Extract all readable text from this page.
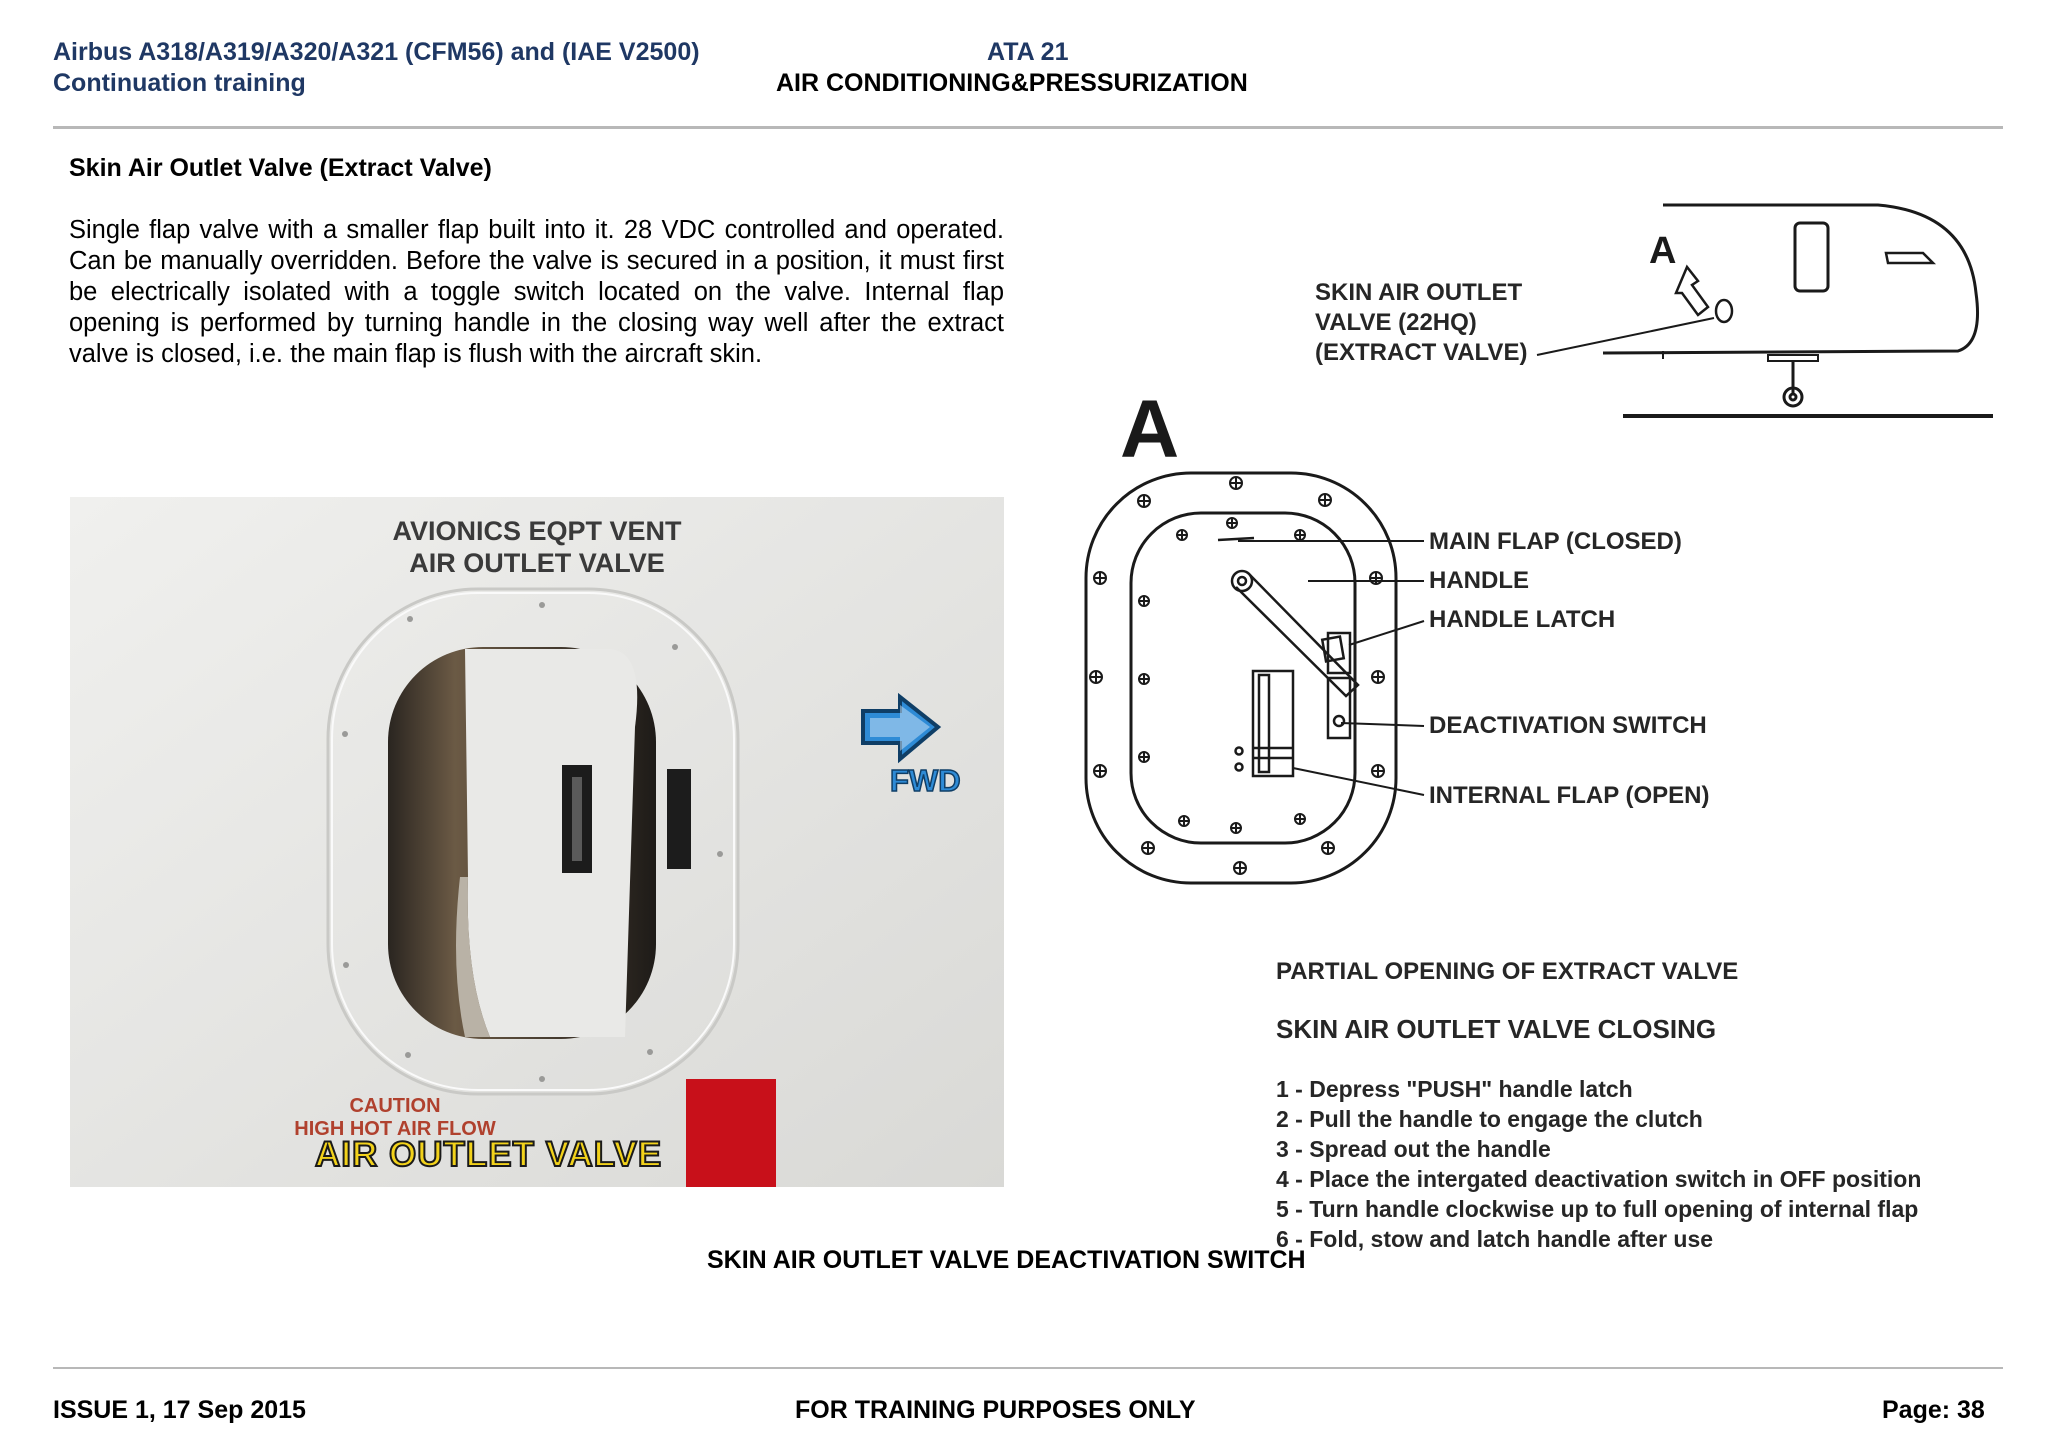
Airbus A318/A319/A320/A321 (CFM56) and (IAE V2500)
Continuation training
ATA 21
AIR CONDITIONING&PRESSURIZATION
Skin Air Outlet Valve (Extract Valve)
Single flap valve with a smaller flap built into it. 28 VDC controlled and operated. Can be manually overridden. Before the valve is secured in a position, it must first be electrically isolated with a toggle switch located on the valve. Internal flap opening is performed by turning handle in the closing way well after the extract valve is closed, i.e. the main flap is flush with the aircraft skin.
AVIONICS EQPT VENT
AIR OUTLET VALVE
FWD
CAUTION
HIGH HOT AIR FLOW
AIR OUTLET VALVE
A
SKIN AIR OUTLET
VALVE (22HQ)
(EXTRACT VALVE)
A
MAIN FLAP (CLOSED)
HANDLE
HANDLE LATCH
DEACTIVATION SWITCH
INTERNAL FLAP (OPEN)
PARTIAL OPENING OF EXTRACT VALVE
SKIN AIR OUTLET VALVE CLOSING
1 - Depress "PUSH" handle latch
2 - Pull the handle to engage the clutch
3 - Spread out the handle
4 - Place the intergated deactivation switch in OFF position
5 - Turn handle clockwise up to full opening of internal flap
6 - Fold, stow and latch handle after use
SKIN AIR OUTLET VALVE DEACTIVATION SWITCH
ISSUE 1, 17 Sep 2015	FOR TRAINING PURPOSES ONLY	Page: 38
